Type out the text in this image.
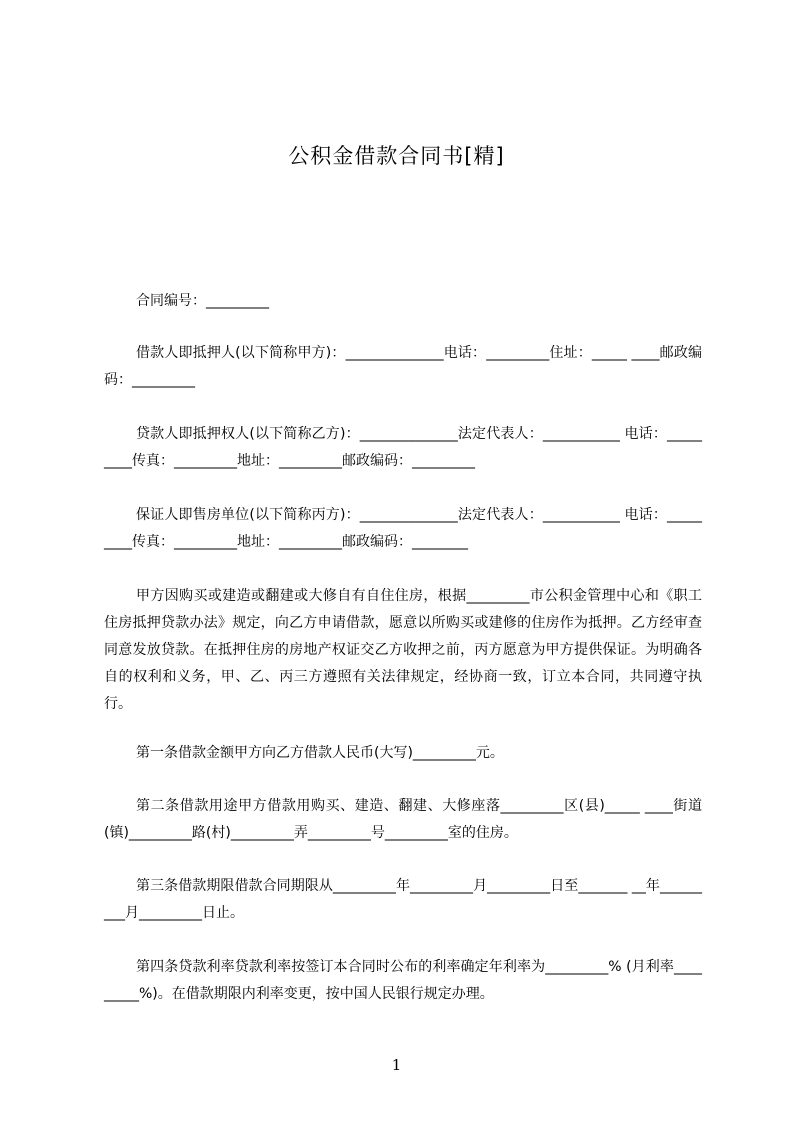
公积金借款合同书[精]
合同编号：_________
借款人即抵押人(以下简称甲方)：______________电话：_________住址：_____ ____邮政编码：_________
贷款人即抵押权人(以下简称乙方)：______________法定代表人：___________ 电话：_________传真：_________地址：_________邮政编码：_________
保证人即售房单位(以下简称丙方)：______________法定代表人：___________ 电话：_________传真：_________地址：_________邮政编码：________
甲方因购买或建造或翻建或大修自有自住住房，根据_________市公积金管理中心和《职工住房抵押贷款办法》规定，向乙方申请借款，愿意以所购买或建修的住房作为抵押。乙方经审查同意发放贷款。在抵押住房的房地产权证交乙方收押之前，丙方愿意为甲方提供保证。为明确各自的权利和义务，甲、乙、丙三方遵照有关法律规定，经协商一致，订立本合同，共同遵守执行。
第一条借款金额甲方向乙方借款人民币(大写)_________元。
第二条借款用途甲方借款用购买、建造、翻建、大修座落_________区(县)_____ ____街道(镇)_________路(村)_________弄_________号_________室的住房。
第三条借款期限借款合同期限从_________年_________月_________日至_______ __年_________月_________日止。
第四条贷款利率贷款利率按签订本合同时公布的利率确定年利率为_________% (月利率_________%)。在借款期限内利率变更，按中国人民银行规定办理。
1
